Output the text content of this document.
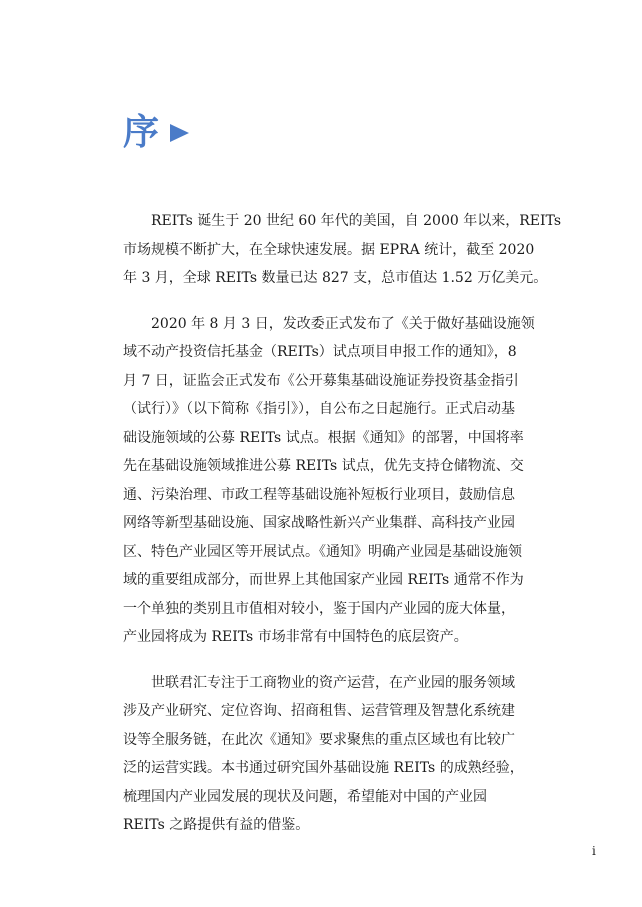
序

REITs 诞生于 20 世纪 60 年代的美国，自 2000 年以来，REITs
市场规模不断扩大，在全球快速发展。据 EPRA 统计，截至 2020
年 3 月，全球 REITs 数量已达 827 支，总市值达 1.52 万亿美元。

2020 年 8 月 3 日，发改委正式发布了《关于做好基础设施领
域不动产投资信托基金（REITs）试点项目申报工作的通知》，8
月 7 日，证监会正式发布《公开募集基础设施证券投资基金指引
（试行）》（以下简称《指引》），自公布之日起施行。正式启动基
础设施领域的公募 REITs 试点。根据《通知》的部署，中国将率
先在基础设施领域推进公募 REITs 试点，优先支持仓储物流、交
通、污染治理、市政工程等基础设施补短板行业项目，鼓励信息
网络等新型基础设施、国家战略性新兴产业集群、高科技产业园
区、特色产业园区等开展试点。《通知》明确产业园是基础设施领
域的重要组成部分，而世界上其他国家产业园 REITs 通常不作为
一个单独的类别且市值相对较小，鉴于国内产业园的庞大体量，
产业园将成为 REITs 市场非常有中国特色的底层资产。

世联君汇专注于工商物业的资产运营，在产业园的服务领域
涉及产业研究、定位咨询、招商租售、运营管理及智慧化系统建
设等全服务链，在此次《通知》要求聚焦的重点区域也有比较广
泛的运营实践。本书通过研究国外基础设施 REITs 的成熟经验，
梳理国内产业园发展的现状及问题，希望能对中国的产业园
REITs 之路提供有益的借鉴。

i
